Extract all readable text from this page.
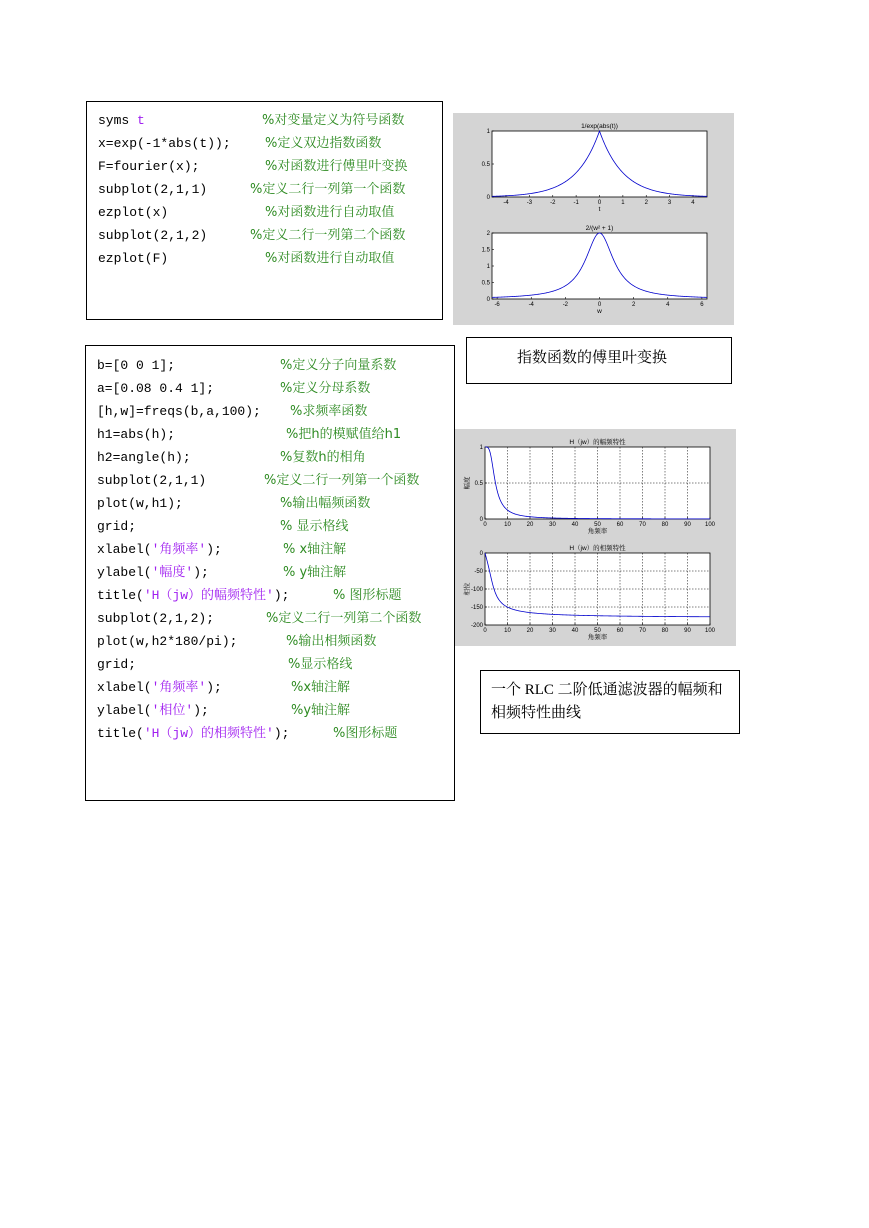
syms t	%对变量定义为符号函数
x=exp(-1*abs(t));	%定义双边指数函数
F=fourier(x);	%对函数进行傅里叶变换
subplot(2,1,1)	%定义二行一列第一个函数
ezplot(x)	%对函数进行自动取值
subplot(2,1,2)	%定义二行一列第二个函数
ezplot(F)	%对函数进行自动取值
-4	-3	-2	-1	0	1	2	3	4
0
0.5
1
1/exp(abs(t))
t
-6	-4	-2	0	2	4	6
0
0.5
1
1.5
2
2/(w² + 1)
w
指数函数的傅里叶变换
b=[0 0 1];	%定义分子向量系数
a=[0.08 0.4 1];	%定义分母系数
[h,w]=freqs(b,a,100); %求频率函数
h1=abs(h);	%把h的模赋值给h1
h2=angle(h);	%复数h的相角
subplot(2,1,1)	%定义二行一列第一个函数
plot(w,h1);	%输出幅频函数
grid;	% 显示格线
xlabel('角频率');	% x轴注解
ylabel('幅度');	% y轴注解
title('H（jw）的幅频特性');	% 图形标题
subplot(2,1,2);	%定义二行一列第二个函数
plot(w,h2*180/pi);	%输出相频函数
grid;	%显示格线
xlabel('角频率');	%x轴注解
ylabel('相位');	%y轴注解
title('H（jw）的相频特性');	%图形标题
0	10	20	30	40	50	60	70	80	90 100
0
0.5
1
H（jw）的幅频特性
角频率
幅度
0	10	20	30	40	50	60	70	80	90 100
-200
-150
-100
-50
0
H（jw）的相频特性
角频率
相位
一个 RLC 二阶低通滤波器的幅频和相频特性曲线
